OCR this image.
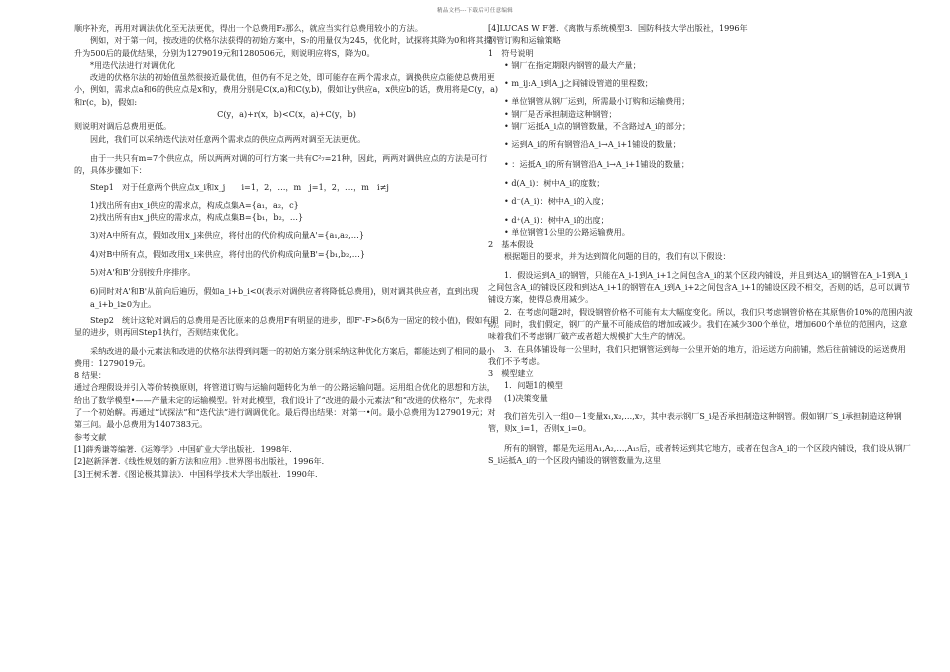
精品文档---下载后可任意编辑

顺序补充，再用对调法优化至无法更优，得出一个总费用F₂那么，就应当实行总费用较小的方法。

例如，对于第一问，按改进的伏格尔法获得的初始方案中，S₇的用量仅为245，优化时，试探将其降为0和将其提升为500后的最优结果，分别为1279019元和1280506元，则说明应将S，降为0。

*用迭代法进行对调优化

改进的伏格尔法的初始值虽然很接近最优值，但仍有不足之处，即可能存在两个需求点，调换供应点能使总费用更小，例如，需求点a和6的供应点是x和y，费用分别是C(x,a)和C(y,b)，假如让y供应a，x供应b的话，费用将是C(y，a)和r(c，b)，假如:

C(y，a)+r(x，b)<C(x，a)+C(y，b)

则说明对调后总费用更低。

因此，我们可以采纳迭代法对任意两个需求点的供应点两两对调至无法更优。

由于一共只有m=7个供应点，所以两两对调的可行方案一共有C²₇=21种，因此，两两对调供应点的方法是可行的，具体步骤如下：

Step1　对于任意两个供应点x_i和x_j　　i=1，2，…，m　j=1，2，…，m　i≠j

1)找出所有由x_i供应的需求点，构成点集A={a₁，a₂，c}

2)找出所有由x_j供应的需求点，构成点集B={b₁，b₂，…}

3)对A中所有点，假如改用x_j来供应，将付出的代价构成向量A'={a₁,a₂,…}

4)对B中所有点，假如改用x_i来供应，将付出的代价构成向量B'={b₁,b₂,…}

5)对A'和B'分别按升序排序。

6)同时对A'和B'从前向后遍历，假如a_i+b_i<0(表示对调供应者将降低总费用)，则对调其供应者，直到出现a_i+b_i≥0为止。

Step2　统计这轮对调后的总费用是否比原来的总费用F有明显的进步，即F'-F>δ(δ为一固定的较小值)，假如有明显的进步，则再回Step1执行，否则结束优化。

采纳改进的最小元素法和改进的伏格尔法得到问题一的初始方案分别采纳这种优化方案后，都能达到了相同的最小费用：1279019元。

8 结果：

通过合理假设并引入等价转换原则，将管道订购与运输问题转化为单一的公路运输问题。运用组合优化的思想和方法，给出了数学模型•——产量未定的运输模型。针对此模型，我们设计了“改进的最小元素法”和“改进的伏格尔”，先求得了一个初始解。再通过“试探法”和“迭代法”进行调调优化。最后得出结果：对第一•问。最小总费用为1279019元；对第三问。最小总费用为1407383元。

参考文献

[1]薛秀谦等编著.《运筹学》.中国矿业大学出版社．1998年．

[2]赵新泽著.《线性规划的新方法和应用》.世界图书出版社，1996年．

[3]王树禾著.《图论极其算法》．中国科学技术大学出版社．1990年．

[4]LUCAS W F著．《离散与系统模型3．国防科技大学出版社，1996年

钢管订购和运输策略

1　符号说明

• 钢厂在指定期限内钢管的最大产量；

• m_ij:A_i到A_j之间铺设管道的里程数；

• 单位钢管从钢厂运到，所需最小订购和运输费用；

• 钢厂是否承担制造这种钢管；

• 钢厂运抵A_i点的钢管数量，不含路过A_i的部分；

• 运到A_i的所有钢管沿A_i→A_i+1铺设的数量；

• ：运抵A_i的所有钢管沿A_i→A_i+1铺设的数量；

• d(A_i)：树中A_i的度数；

• d⁻(A_i)：树中A_i的入度；

• d⁺(A_i)：树中A_i的出度；

• 单位钢管1公里的公路运输费用。

2　基本假设

根据题目的要求，并为达到简化问题的目的，我们有以下假设：

1．假设运到A_i的钢管，只能在A_i-1到A_i+1之间包含A_i的某个区段内铺设，并且到达A_i的钢管在A_i-1到A_i之间包含A_i的铺设区段和到达A_i+1的钢管在A_i到A_i+2之间包含A_i+1的铺设区段不相交，否则的话，总可以调节铺设方案，使得总费用减少。

2．在考虑问题2时，假设钢管价格不可能有太大幅度变化。所以，我们只考虑钢管价格在其原售价10%的范围内波动。同时，我们假定，钢厂的产量不可能成倍的增加或减少。我们在减少300个单位，增加600个单位的范围内，这意味着我们不考虑钢厂破产或者超大规模扩大生产的情况。

3．在具体铺设每一公里时，我们只把钢管运到每一公里开始的地方，沿运送方向前铺，然后往前铺设的运送费用我们不予考虑。

3　模型建立

1．问题1的模型

(1)决策变量

我们首先引入一组0－1变量x₁,x₂,…,x₇，其中表示钢厂S_i是否承担制造这种钢管。假如钢厂S_i承担制造这种钢管，则x_i=1，否则x_i=0。

所有的钢管，都是先运用A₁,A₂,…,A₁₅后，或者转运到其它地方，或者在包含A_i的一个区段内铺设，我们设从钢厂S_i运抵A_i的一个区段内铺设的钢管数量为,这里
